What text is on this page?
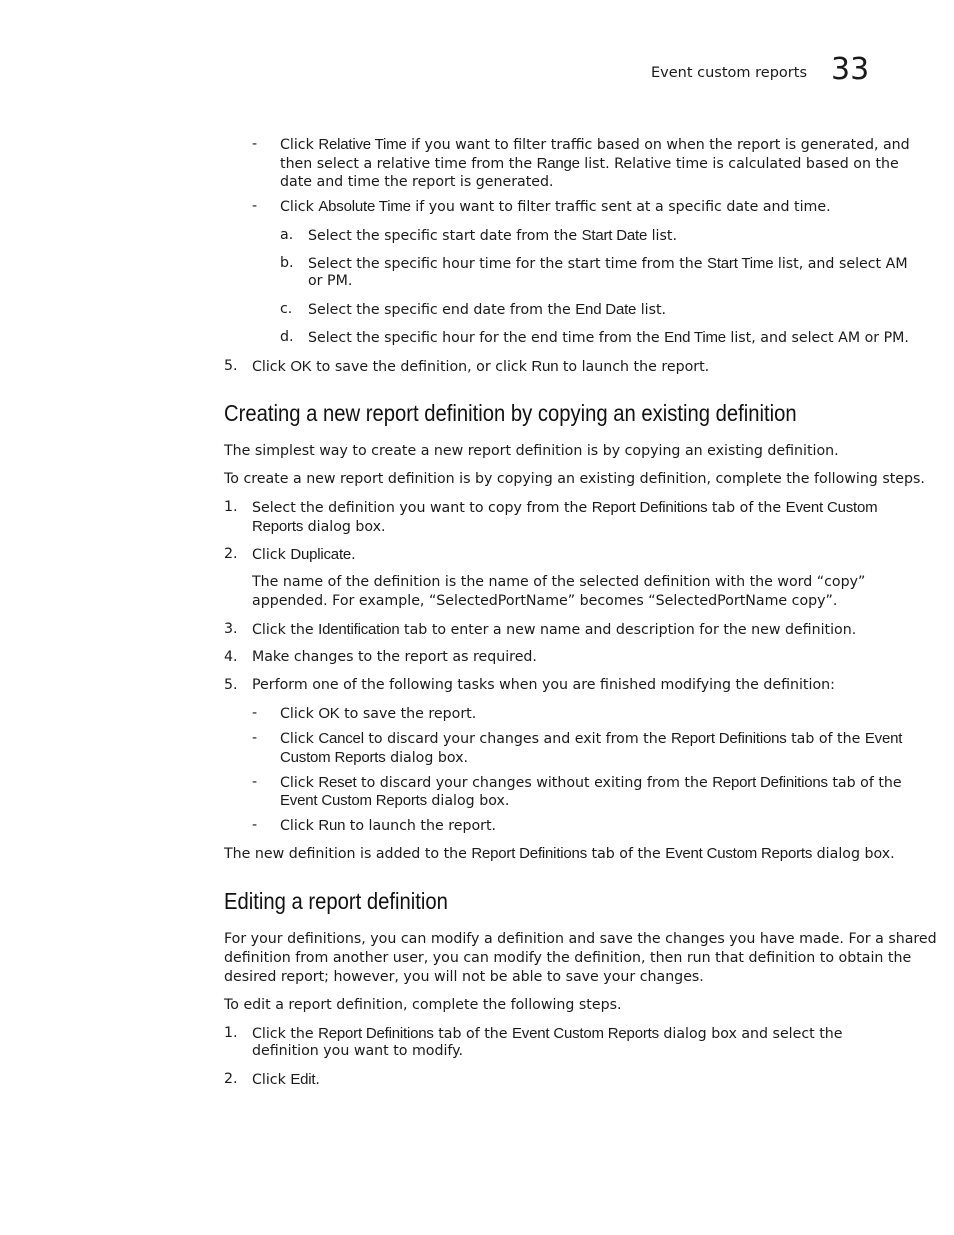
Event custom reports 33
- Click Relative Time if you want to filter traffic based on when the report is generated, and
then select a relative time from the Range list. Relative time is calculated based on the
date and time the report is generated.
- Click Absolute Time if you want to filter traffic sent at a specific date and time.
a. Select the specific start date from the Start Date list.
b. Select the specific hour time for the start time from the Start Time list, and select AM
or PM.
c. Select the specific end date from the End Date list.
d. Select the specific hour for the end time from the End Time list, and select AM or PM.
5. Click OK to save the definition, or click Run to launch the report.
Creating a new report definition by copying an existing definition
The simplest way to create a new report definition is by copying an existing definition.
To create a new report definition is by copying an existing definition, complete the following steps.
1. Select the definition you want to copy from the Report Definitions tab of the Event Custom
Reports dialog box.
2. Click Duplicate.
The name of the definition is the name of the selected definition with the word “copy”
appended. For example, “SelectedPortName” becomes “SelectedPortName copy”.
3. Click the Identification tab to enter a new name and description for the new definition.
4. Make changes to the report as required.
5. Perform one of the following tasks when you are finished modifying the definition:
- Click OK to save the report.
- Click Cancel to discard your changes and exit from the Report Definitions tab of the Event
Custom Reports dialog box.
- Click Reset to discard your changes without exiting from the Report Definitions tab of the
Event Custom Reports dialog box.
- Click Run to launch the report.
The new definition is added to the Report Definitions tab of the Event Custom Reports dialog box.
Editing a report definition
For your definitions, you can modify a definition and save the changes you have made. For a shared
definition from another user, you can modify the definition, then run that definition to obtain the
desired report; however, you will not be able to save your changes.
To edit a report definition, complete the following steps.
1. Click the Report Definitions tab of the Event Custom Reports dialog box and select the
definition you want to modify.
2. Click Edit.
